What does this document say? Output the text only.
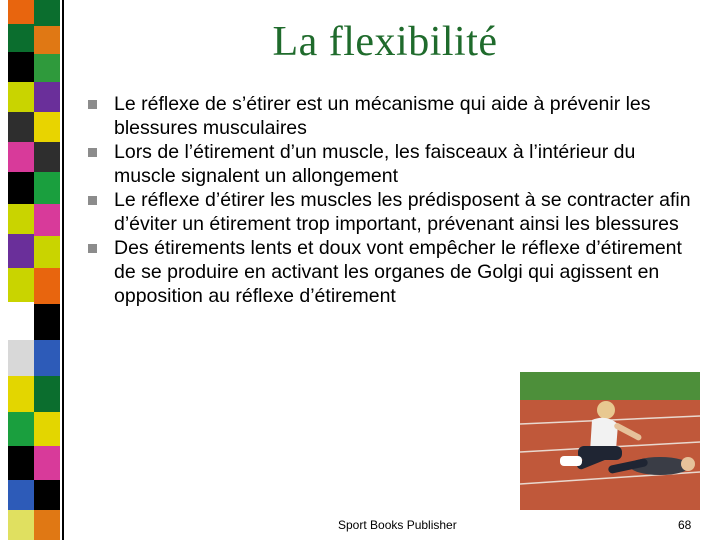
La flexibilité
Le réflexe de s’étirer est un mécanisme qui aide à prévenir les blessures musculaires
Lors de l’étirement d’un muscle, les faisceaux à l’intérieur du muscle signalent un allongement
Le réflexe d’étirer les muscles les prédisposent à se contracter afin d’éviter un étirement trop important, prévenant ainsi les blessures
Des étirements lents et doux vont empêcher le réflexe d’étirement de se produire en activant les organes de Golgi qui agissent en opposition au réflexe d’étirement
Sport Books Publisher	68
